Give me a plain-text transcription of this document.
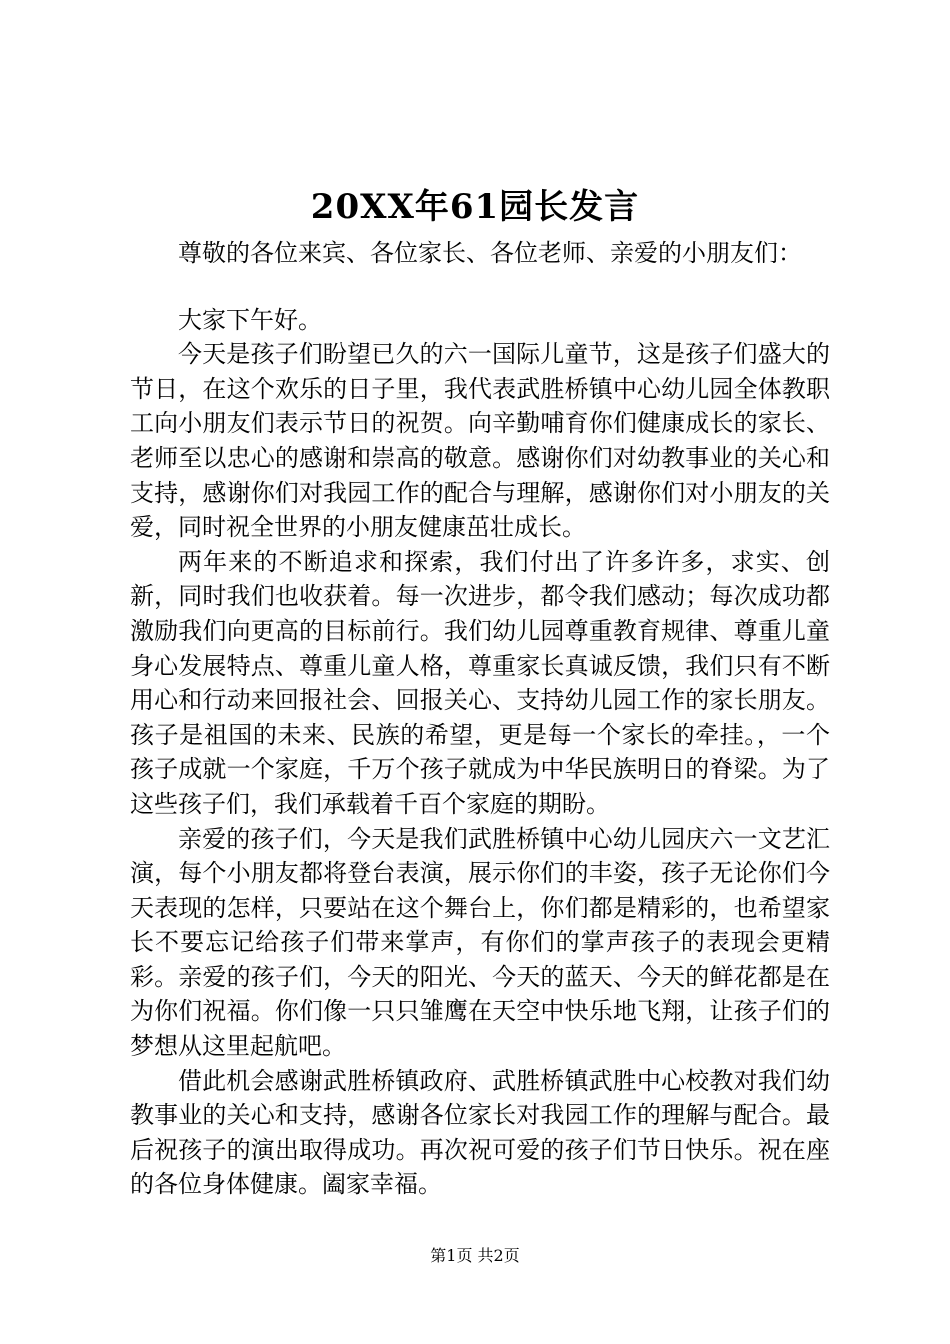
20XX年61园长发言

尊敬的各位来宾、各位家长、各位老师、亲爱的小朋友们：

大家下午好。

今天是孩子们盼望已久的六一国际儿童节，这是孩子们盛大的节日，在这个欢乐的日子里，我代表武胜桥镇中心幼儿园全体教职工向小朋友们表示节日的祝贺。向辛勤哺育你们健康成长的家长、老师至以忠心的感谢和崇高的敬意。感谢你们对幼教事业的关心和支持，感谢你们对我园工作的配合与理解，感谢你们对小朋友的关爱，同时祝全世界的小朋友健康茁壮成长。

两年来的不断追求和探索，我们付出了许多许多，求实、创新，同时我们也收获着。每一次进步，都令我们感动；每次成功都激励我们向更高的目标前行。我们幼儿园尊重教育规律、尊重儿童身心发展特点、尊重儿童人格，尊重家长真诚反馈，我们只有不断用心和行动来回报社会、回报关心、支持幼儿园工作的家长朋友。孩子是祖国的未来、民族的希望，更是每一个家长的牵挂。，一个孩子成就一个家庭，千万个孩子就成为中华民族明日的脊梁。为了这些孩子们，我们承载着千百个家庭的期盼。

亲爱的孩子们，今天是我们武胜桥镇中心幼儿园庆六一文艺汇演，每个小朋友都将登台表演，展示你们的丰姿，孩子无论你们今天表现的怎样，只要站在这个舞台上，你们都是精彩的，也希望家长不要忘记给孩子们带来掌声，有你们的掌声孩子的表现会更精彩。亲爱的孩子们，今天的阳光、今天的蓝天、今天的鲜花都是在为你们祝福。你们像一只只雏鹰在天空中快乐地飞翔，让孩子们的梦想从这里起航吧。

借此机会感谢武胜桥镇政府、武胜桥镇武胜中心校教对我们幼教事业的关心和支持，感谢各位家长对我园工作的理解与配合。最后祝孩子的演出取得成功。再次祝可爱的孩子们节日快乐。祝在座的各位身体健康。阖家幸福。

第1页 共2页
